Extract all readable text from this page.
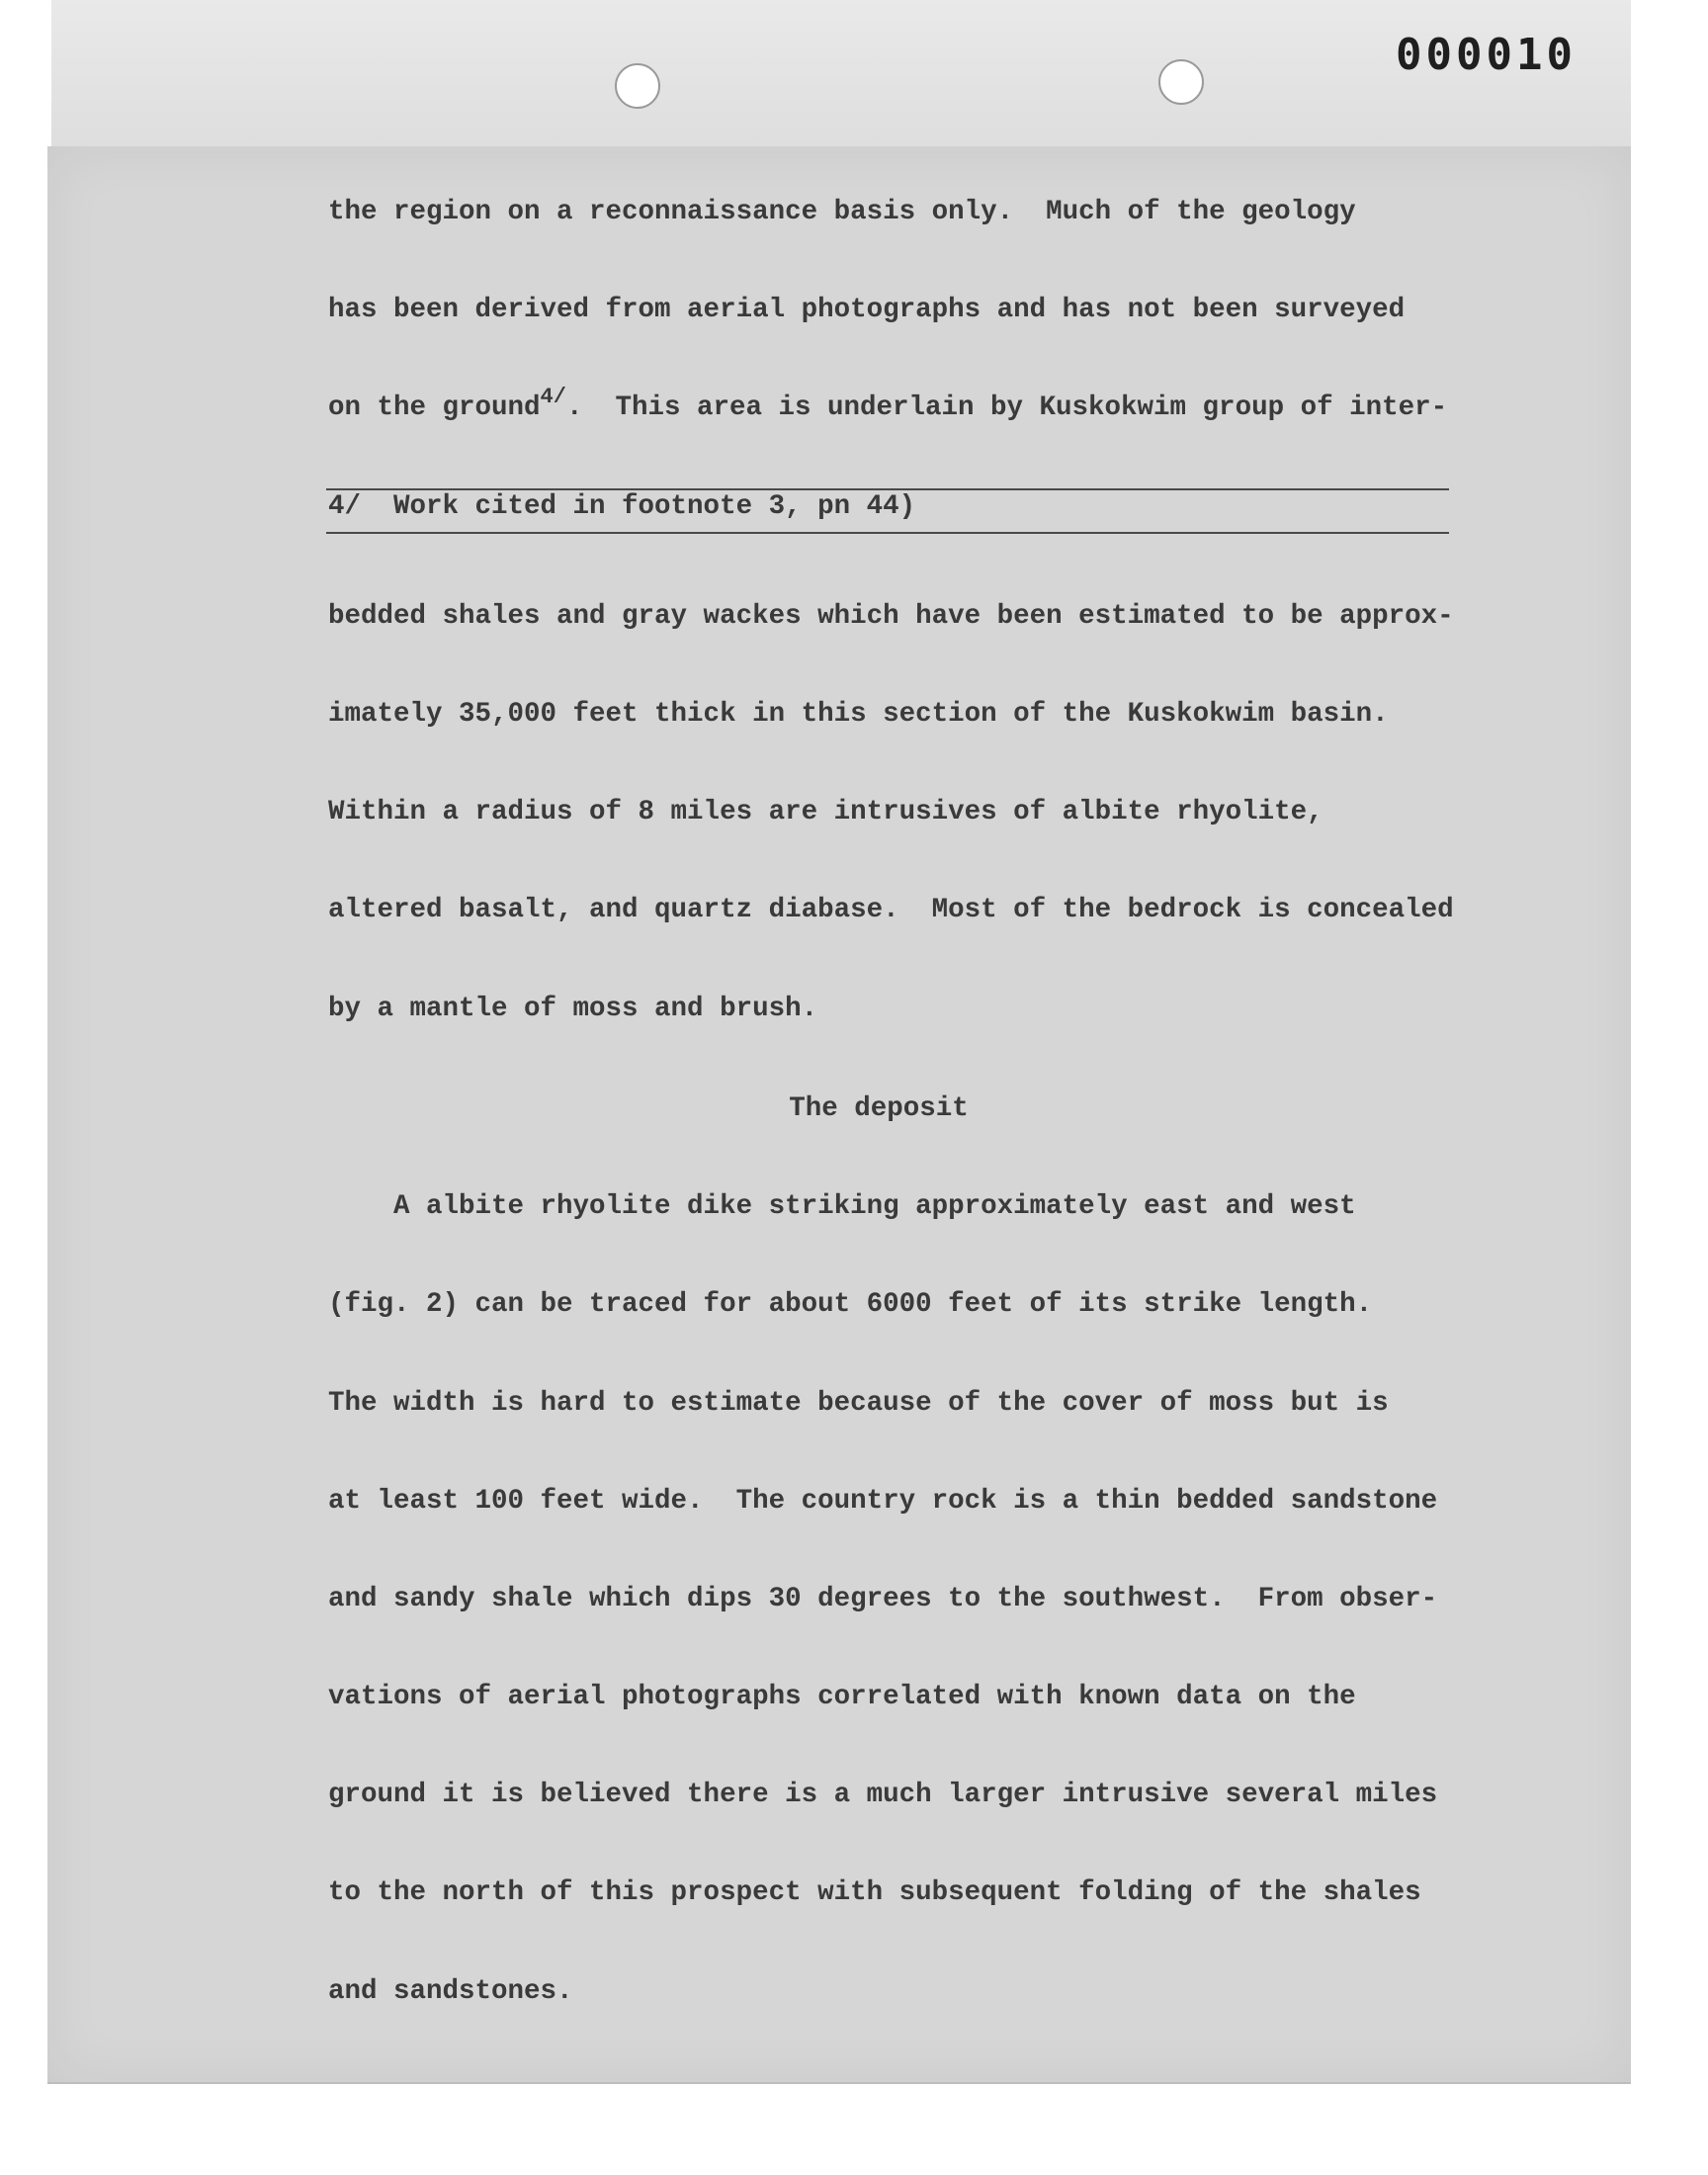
000010
the region on a reconnaissance basis only.  Much of the geology
has been derived from aerial photographs and has not been surveyed
on the ground$^{4/}$.  This area is underlain by Kuskokwim group of inter-
4/  Work cited in footnote 3, pn 44)
bedded shales and gray wackes which have been estimated to be approx-
imately 35,000 feet thick in this section of the Kuskokwim basin.
Within a radius of 8 miles are intrusives of albite rhyolite,
altered basalt, and quartz diabase.  Most of the bedrock is concealed
by a mantle of moss and brush.
The deposit
A albite rhyolite dike striking approximately east and west
(fig. 2) can be traced for about 6000 feet of its strike length.
The width is hard to estimate because of the cover of moss but is
at least 100 feet wide.  The country rock is a thin bedded sandstone
and sandy shale which dips 30 degrees to the southwest.  From obser-
vations of aerial photographs correlated with known data on the
ground it is believed there is a much larger intrusive several miles
to the north of this prospect with subsequent folding of the shales
and sandstones.
